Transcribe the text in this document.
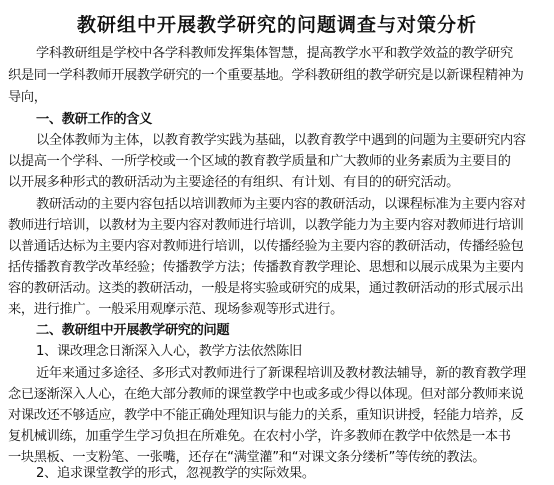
教研组中开展教学研究的问题调查与对策分析
学科教研组是学校中各学科教师发挥集体智慧，提高教学水平和教学效益的教学研究
织是同一学科教师开展教学研究的一个重要基地。学科教研组的教学研究是以新课程精神为
导向，
一、教研工作的含义
以全体教师为主体，以教育教学实践为基础，以教育教学中遇到的问题为主要研究内容
以提高一个学科、一所学校或一个区域的教育教学质量和广大教师的业务素质为主要目的
以开展多种形式的教研活动为主要途径的有组织、有计划、有目的的研究活动。
教研活动的主要内容包括以培训教师为主要内容的教研活动，以课程标准为主要内容对
教师进行培训，以教材为主要内容对教师进行培训，以教学能力为主要内容对教师进行培训
以普通话达标为主要内容对教师进行培训，以传播经验为主要内容的教研活动，传播经验包
括传播教育教学改革经验；传播教学方法；传播教育教学理论、思想和以展示成果为主要内
容的教研活动。这类的教研活动，一般是将实验或研究的成果，通过教研活动的形式展示出
来，进行推广。一般采用观摩示范、现场参观等形式进行。
二、教研组中开展教学研究的问题
1、课改理念日渐深入人心，教学方法依然陈旧
近年来通过多途径、多形式对教师进行了新课程培训及教材教法辅导，新的教育教学理
念已逐渐深入人心，在绝大部分教师的课堂教学中也或多或少得以体现。但对部分教师来说
对课改还不够适应，教学中不能正确处理知识与能力的关系，重知识讲授，轻能力培养，反
复机械训练，加重学生学习负担在所难免。在农村小学，许多教师在教学中依然是一本书
一块黑板、一支粉笔、一张嘴，还存在“满堂灌”和“对课文条分缕析”等传统的教法。
2、追求课堂教学的形式，忽视教学的实际效果。
